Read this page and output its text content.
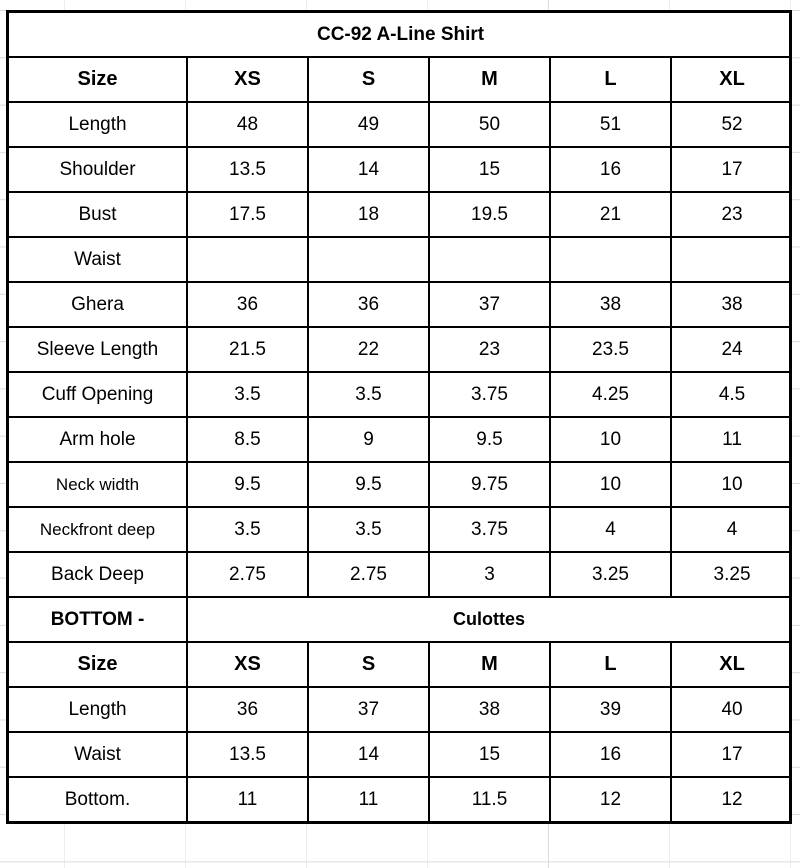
CC-92 A-Line Shirt					
Size	XS	S	M	L	XL
Length	48	49	50	51	52
Shoulder	13.5	14	15	16	17
Bust	17.5	18	19.5	21	23
Waist					
Ghera	36	36	37	38	38
Sleeve Length	21.5	22	23	23.5	24
Cuff Opening	3.5	3.5	3.75	4.25	4.5
Arm hole	8.5	9	9.5	10	11
Neck width	9.5	9.5	9.75	10	10
Neckfront deep	3.5	3.5	3.75	4	4
Back Deep	2.75	2.75	3	3.25	3.25
BOTTOM -	Culottes				
Size	XS	S	M	L	XL
Length	36	37	38	39	40
Waist	13.5	14	15	16	17
Bottom.	11	11	11.5	12	12
